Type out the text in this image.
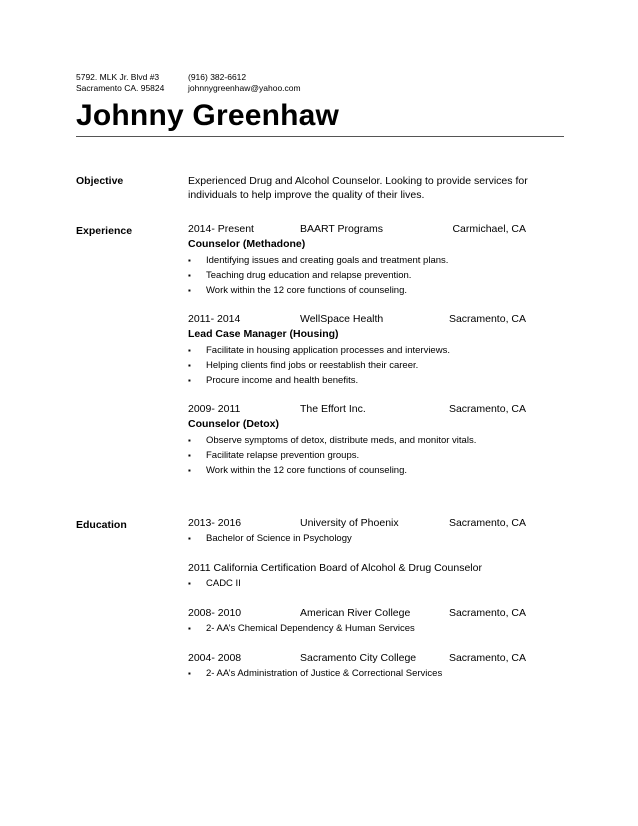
5792. MLK Jr. Blvd #3
Sacramento CA. 95824
(916) 382-6612
johnnygreenhaw@yahoo.com
Johnny Greenhaw
Objective	Experienced Drug and Alcohol Counselor. Looking to provide services for individuals to help improve the quality of their lives.
Experience	2014- Present	BAART Programs	Carmichael, CA
Counselor (Methadone)
▪ Identifying issues and creating goals and treatment plans.
▪ Teaching drug education and relapse prevention.
▪ Work within the 12 core functions of counseling.
2011- 2014	WellSpace Health	Sacramento, CA
Lead Case Manager (Housing)
▪ Facilitate in housing application processes and interviews.
▪ Helping clients find jobs or reestablish their career.
▪ Procure income and health benefits.
2009- 2011	The Effort Inc.	Sacramento, CA
Counselor (Detox)
▪ Observe symptoms of detox, distribute meds, and monitor vitals.
▪ Facilitate relapse prevention groups.
▪ Work within the 12 core functions of counseling.
Education	2013- 2016	University of Phoenix	Sacramento, CA
▪ Bachelor of Science in Psychology
2011 California Certification Board of Alcohol & Drug Counselor
▪ CADC II
2008- 2010	American River College	Sacramento, CA
▪ 2- AA’s Chemical Dependency & Human Services
2004- 2008	Sacramento City College	Sacramento, CA
▪ 2- AA’s Administration of Justice & Correctional Services
